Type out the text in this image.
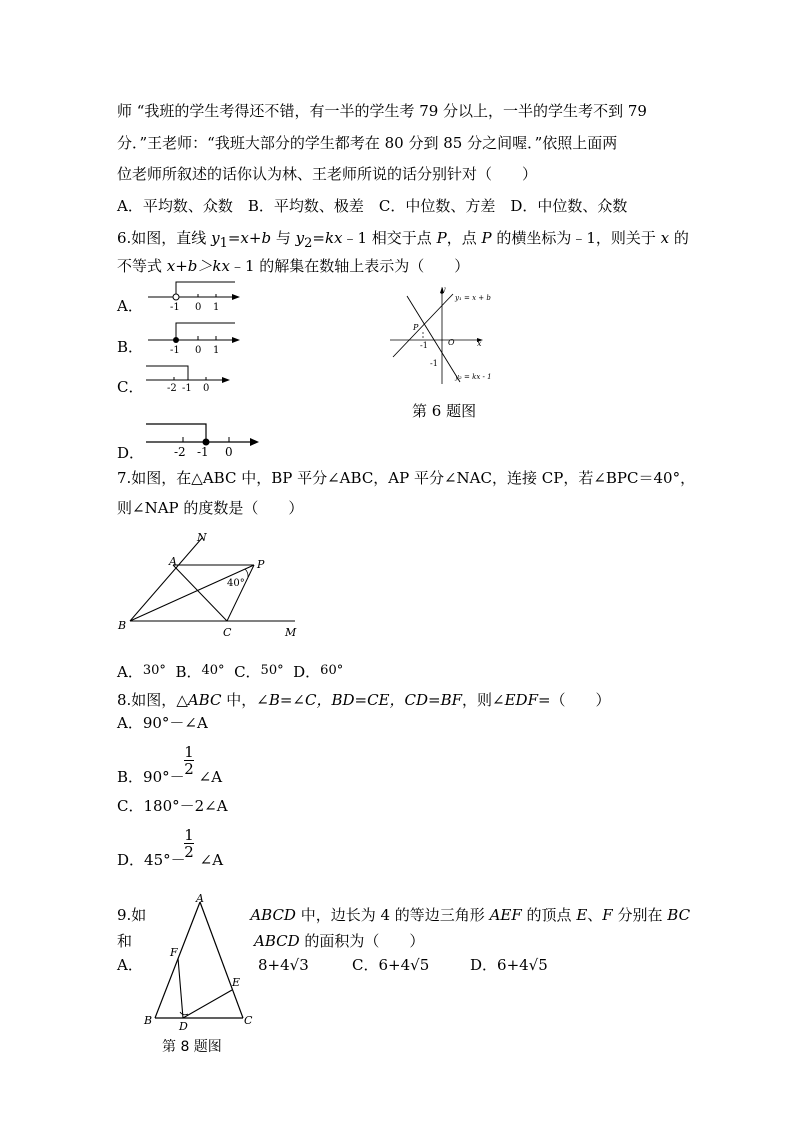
师 “我班的学生考得还不错，有一半的学生考 79 分以上，一半的学生考不到 79
分．”王老师：“我班大部分的学生都考在 80 分到 85 分之间喔．”依照上面两
位老师所叙述的话你认为林、王老师所说的话分别针对（　　）
A．平均数、众数　B．平均数、极差　C．中位数、方差　D．中位数、众数
6.如图，直线 $y_1=x+b$ 与 $y_2=kx﹣1$ 相交于点 P，点 P 的横坐标为﹣1，则关于 x 的
不等式 x+b＞kx﹣1 的解集在数轴上表示为（　　）
A．	-1 0 1
B．	-1 0 1
C． -2 -1 0
D． -2 -1 0
y
x
O
P
-1
-1
y₁ = x + b
y₂ = kx - 1
第 6 题图
7.如图，在△ABC 中，BP 平分∠ABC，AP 平分∠NAC，连接 CP，若∠BPC＝40°，
则∠NAP 的度数是（　　）
N
A	P
B
C	M
40°
A．30° B．40° C．50° D．60°
8.如图，△ABC 中，∠B=∠C，BD=CE，CD=BF，则∠EDF=（　　）
A．90°－∠A
$\frac{1}{2}$
B．90°－ ∠A
C．180°－2∠A
$\frac{1}{2}$
D．45°－ ∠A
9.如	ABCD 中，边长为 4 的等边三角形 AEF 的顶点 E、F 分别在 BC
和	ABCD 的面积为（　　）
A．	8+4√3	C．6+4√5	D．6+4√5
A
F
E
B D	C
第 8 题图
